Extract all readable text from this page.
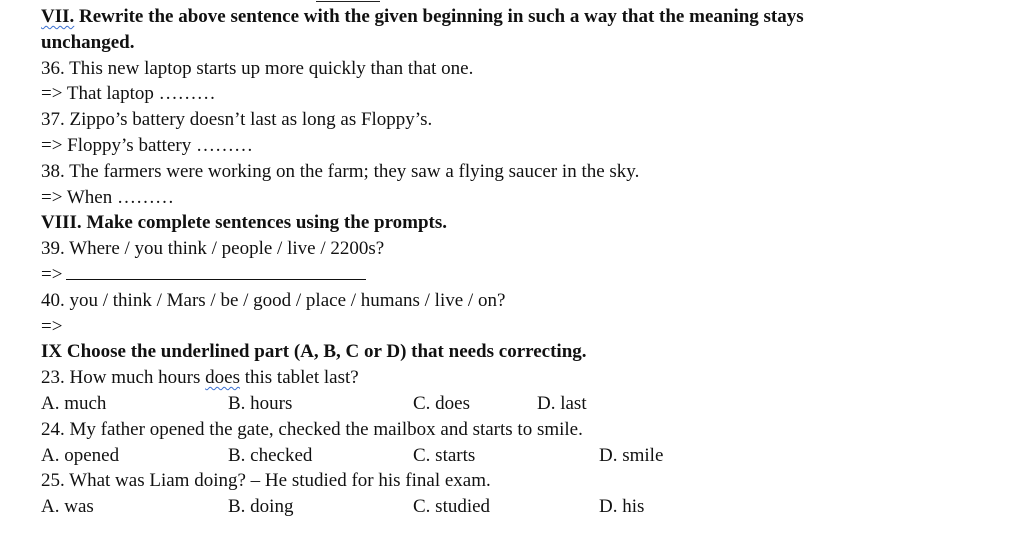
VII. Rewrite the above sentence with the given beginning in such a way that the meaning stays
unchanged.
36. This new laptop starts up more quickly than that one.
=> That laptop ………
37. Zippo’s battery doesn’t last as long as Floppy’s.
=> Floppy’s battery ………
38. The farmers were working on the farm; they saw a flying saucer in the sky.
=> When ………
VIII. Make complete sentences using the prompts.
39. Where / you think / people / live / 2200s?
=>
40. you / think / Mars / be / good / place / humans / live / on?
=>
IX Choose the underlined part (A, B, C or D) that needs correcting.
23. How much hours does this tablet last?
A. much	B. hours	C. does	D. last
24. My father opened the gate, checked the mailbox and starts to smile.
A. opened	B. checked	C. starts	D. smile
25. What was Liam doing? – He studied for his final exam.
A. was	B. doing	C. studied	D. his
